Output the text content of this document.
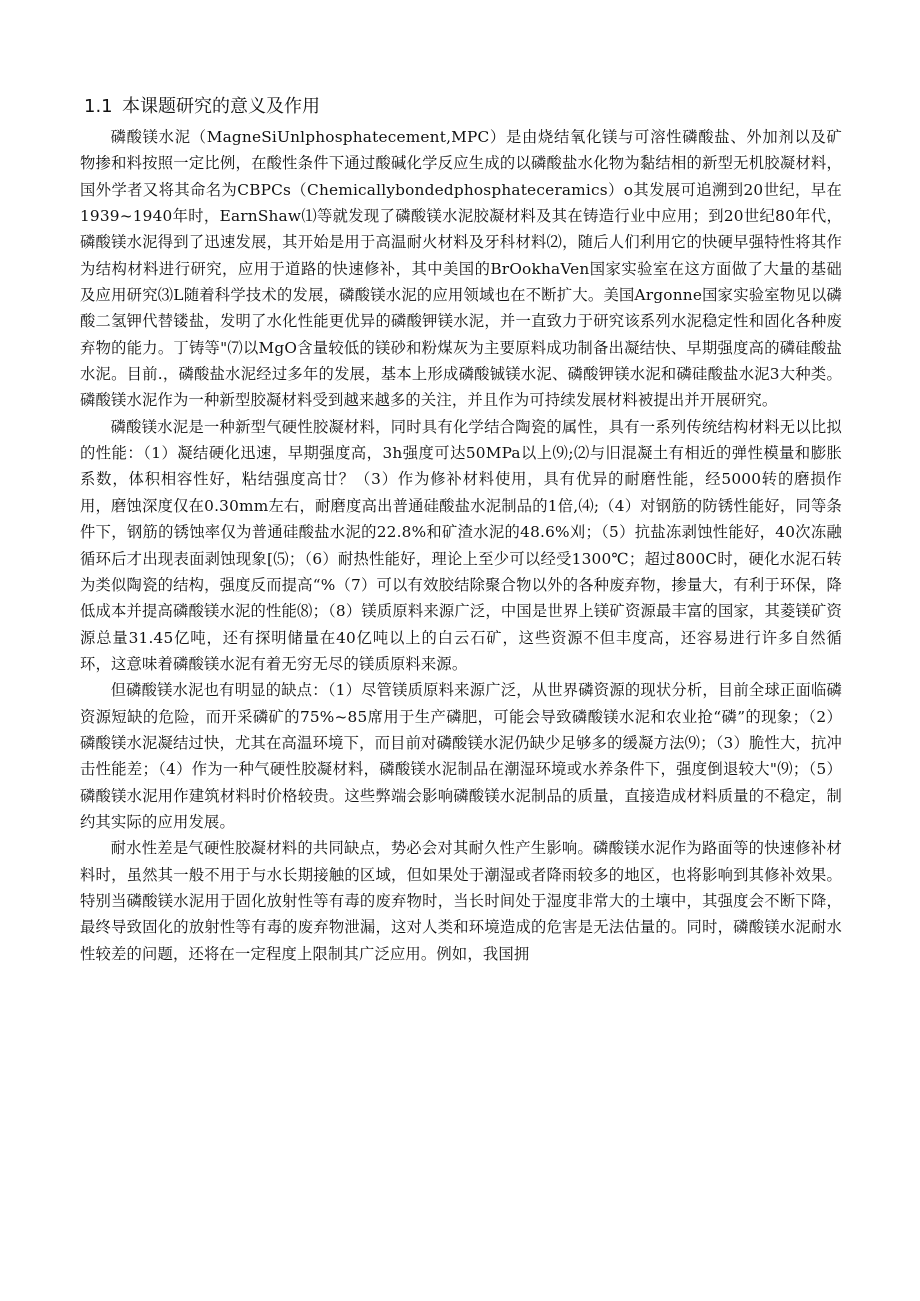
1.1 本课题研究的意义及作用

磷酸镁水泥（MagneSiUnlphosphatecement,MPC）是由烧结氧化镁与可溶性磷酸盐、外加剂以及矿物掺和料按照一定比例，在酸性条件下通过酸碱化学反应生成的以磷酸盐水化物为黏结相的新型无机胶凝材料，国外学者又将其命名为CBPCs（Chemicallybondedphosphateceramics）o其发展可追溯到20世纪，早在1939~1940年时，EarnShaw⑴等就发现了磷酸镁水泥胶凝材料及其在铸造行业中应用；到20世纪80年代，磷酸镁水泥得到了迅速发展，其开始是用于高温耐火材料及牙科材料⑵，随后人们利用它的快硬早强特性将其作为结构材料进行研究，应用于道路的快速修补，其中美国的BrOokhaVen国家实验室在这方面做了大量的基础及应用研究⑶L随着科学技术的发展，磷酸镁水泥的应用领域也在不断扩大。美国Argonne国家实验室物见以磷酸二氢钾代替镂盐，发明了水化性能更优异的磷酸钾镁水泥，并一直致力于研究该系列水泥稳定性和固化各种废弃物的能力。丁铸等"⑺以MgO含量较低的镁砂和粉煤灰为主要原料成功制备出凝结快、早期强度高的磷硅酸盐水泥。目前.，磷酸盐水泥经过多年的发展，基本上形成磷酸铖镁水泥、磷酸钾镁水泥和磷硅酸盐水泥3大种类。磷酸镁水泥作为一种新型胶凝材料受到越来越多的关注，并且作为可持续发展材料被提出并开展研究。

磷酸镁水泥是一种新型气硬性胶凝材料，同时具有化学结合陶瓷的属性，具有一系列传统结构材料无以比拟的性能：（1）凝结硬化迅速，早期强度高，3h强度可达50MPa以上⑼;⑵与旧混凝土有相近的弹性模量和膨胀系数，体积相容性好，粘结强度高廿？（3）作为修补材料使用，具有优异的耐磨性能，经5000转的磨损作用，磨蚀深度仅在0.30mm左右，耐磨度高出普通硅酸盐水泥制品的1倍,⑷;（4）对钢筋的防锈性能好，同等条件下，钢筋的锈蚀率仅为普通硅酸盐水泥的22.8%和矿渣水泥的48.6%刈；（5）抗盐冻剥蚀性能好，40次冻融循环后才出现表面剥蚀现象[⑸；（6）耐热性能好，理论上至少可以经受1300℃；超过800C时，硬化水泥石转为类似陶瓷的结构，强度反而提高“%（7）可以有效胶结除聚合物以外的各种废弃物，掺量大，有利于环保，降低成本并提高磷酸镁水泥的性能⑻；（8）镁质原料来源广泛，中国是世界上镁矿资源最丰富的国家，其菱镁矿资源总量31.45亿吨，还有探明储量在40亿吨以上的白云石矿，这些资源不但丰度高，还容易进行许多自然循环，这意味着磷酸镁水泥有着无穷无尽的镁质原料来源。

但磷酸镁水泥也有明显的缺点：（1）尽管镁质原料来源广泛，从世界磷资源的现状分析，目前全球正面临磷资源短缺的危险，而开采磷矿的75%~85席用于生产磷肥，可能会导致磷酸镁水泥和农业抢“磷”的现象；（2）磷酸镁水泥凝结过快，尤其在高温环境下，而目前对磷酸镁水泥仍缺少足够多的缓凝方法⑼；（3）脆性大，抗冲击性能差；（4）作为一种气硬性胶凝材料，磷酸镁水泥制品在潮湿环境或水养条件下，强度倒退较大"⑼；（5）磷酸镁水泥用作建筑材料时价格较贵。这些弊端会影响磷酸镁水泥制品的质量，直接造成材料质量的不稳定，制约其实际的应用发展。

耐水性差是气硬性胶凝材料的共同缺点，势必会对其耐久性产生影响。磷酸镁水泥作为路面等的快速修补材料时，虽然其一般不用于与水长期接触的区域，但如果处于潮湿或者降雨较多的地区，也将影响到其修补效果。特别当磷酸镁水泥用于固化放射性等有毒的废弃物时，当长时间处于湿度非常大的土壤中，其强度会不断下降，最终导致固化的放射性等有毒的废弃物泄漏，这对人类和环境造成的危害是无法估量的。同时，磷酸镁水泥耐水性较差的问题，还将在一定程度上限制其广泛应用。例如，我国拥
